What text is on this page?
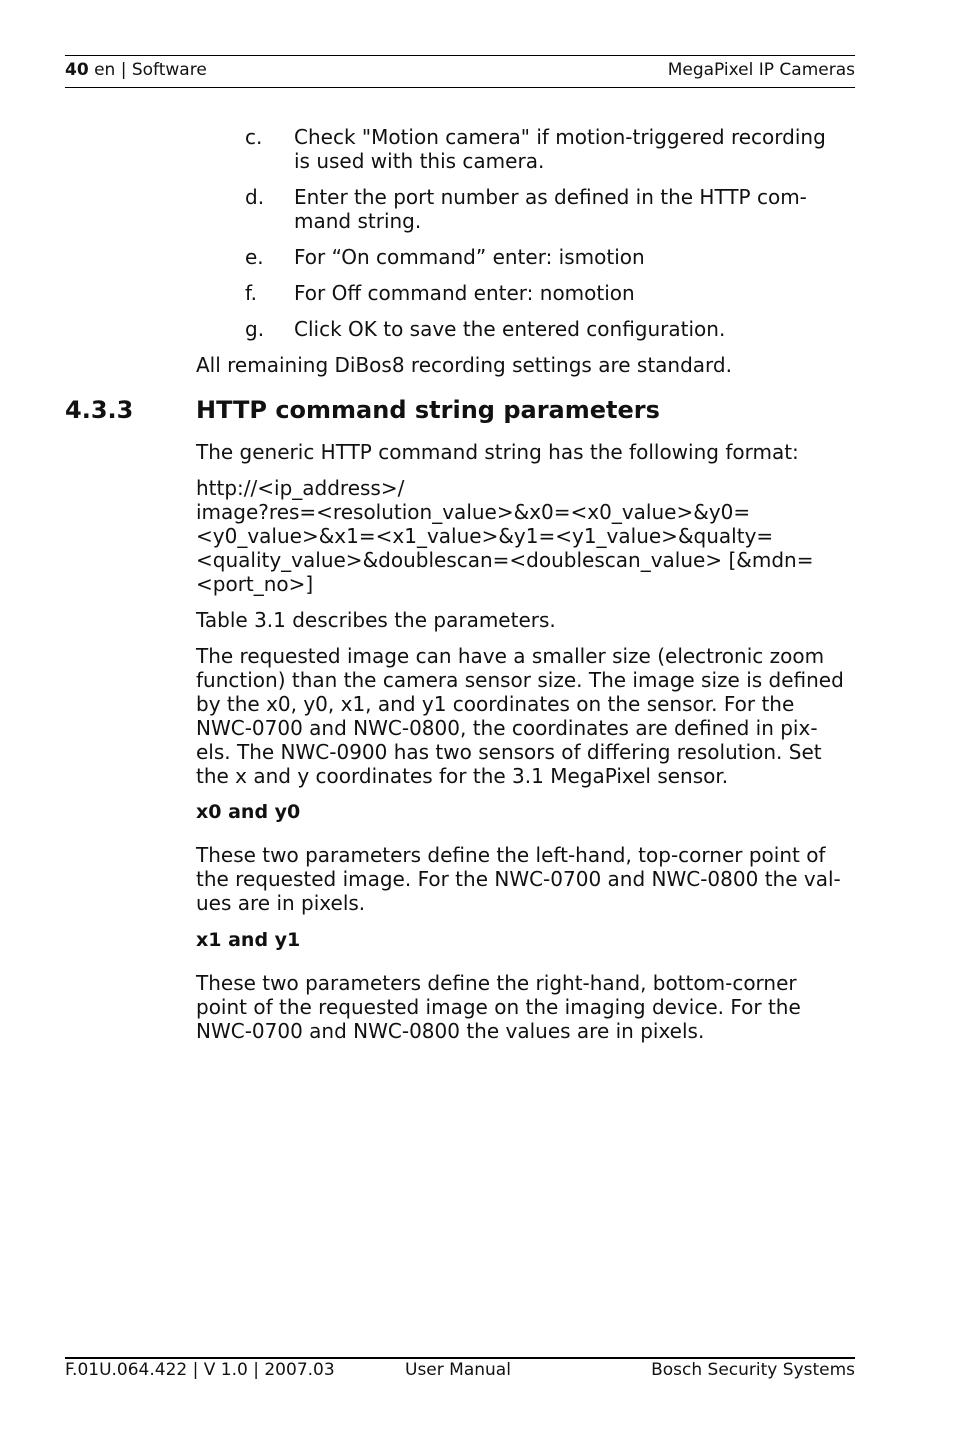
40 en | Software	MegaPixel IP Cameras
c. Check "Motion camera" if motion-triggered recording
is used with this camera.
d. Enter the port number as defined in the HTTP com-
mand string.
e. For “On command” enter: ismotion
f. For Off command enter: nomotion
g. Click OK to save the entered configuration.

All remaining DiBos8 recording settings are standard.

4.3.3	HTTP command string parameters

The generic HTTP command string has the following format:

http://<ip_address>/
image?res=<resolution_value>&x0=<x0_value>&y0=
<y0_value>&x1=<x1_value>&y1=<y1_value>&qualty=
<quality_value>&doublescan=<doublescan_value> [&mdn=
<port_no>]

Table 3.1 describes the parameters.

The requested image can have a smaller size (electronic zoom
function) than the camera sensor size. The image size is defined
by the x0, y0, x1, and y1 coordinates on the sensor. For the
NWC-0700 and NWC-0800, the coordinates are defined in pix-
els. The NWC-0900 has two sensors of differing resolution. Set
the x and y coordinates for the 3.1 MegaPixel sensor.
x0 and y0
These two parameters define the left-hand, top-corner point of
the requested image. For the NWC-0700 and NWC-0800 the val-
ues are in pixels.
x1 and y1
These two parameters define the right-hand, bottom-corner
point of the requested image on the imaging device. For the
NWC-0700 and NWC-0800 the values are in pixels.
F.01U.064.422 | V 1.0 | 2007.03	User Manual	Bosch Security Systems
